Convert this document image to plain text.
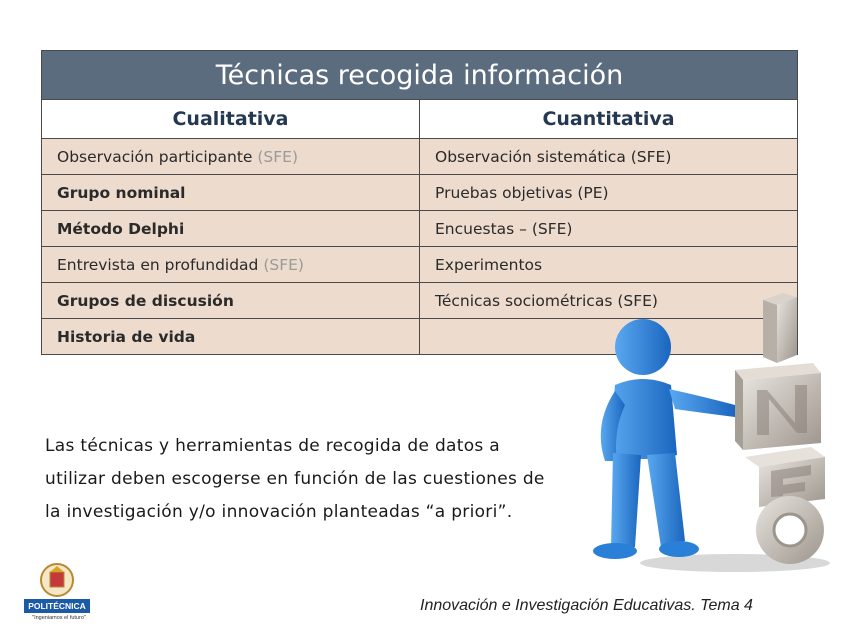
Técnicas recogida información	
Cualitativa	Cuantitativa
Observación participante (SFE)	Observación sistemática (SFE)
Grupo nominal	Pruebas objetivas (PE)
Método Delphi	Encuestas – (SFE)
Entrevista en profundidad (SFE)	Experimentos
Grupos de discusión	Técnicas sociométricas (SFE)
Historia de vida	
Las técnicas y herramientas de recogida de datos a
utilizar deben escogerse en función de las cuestiones de
la investigación y/o innovación planteadas “a priori”.
POLITÉCNICA
"Ingeniamos el futuro"
Innovación e Investigación Educativas. Tema 4
